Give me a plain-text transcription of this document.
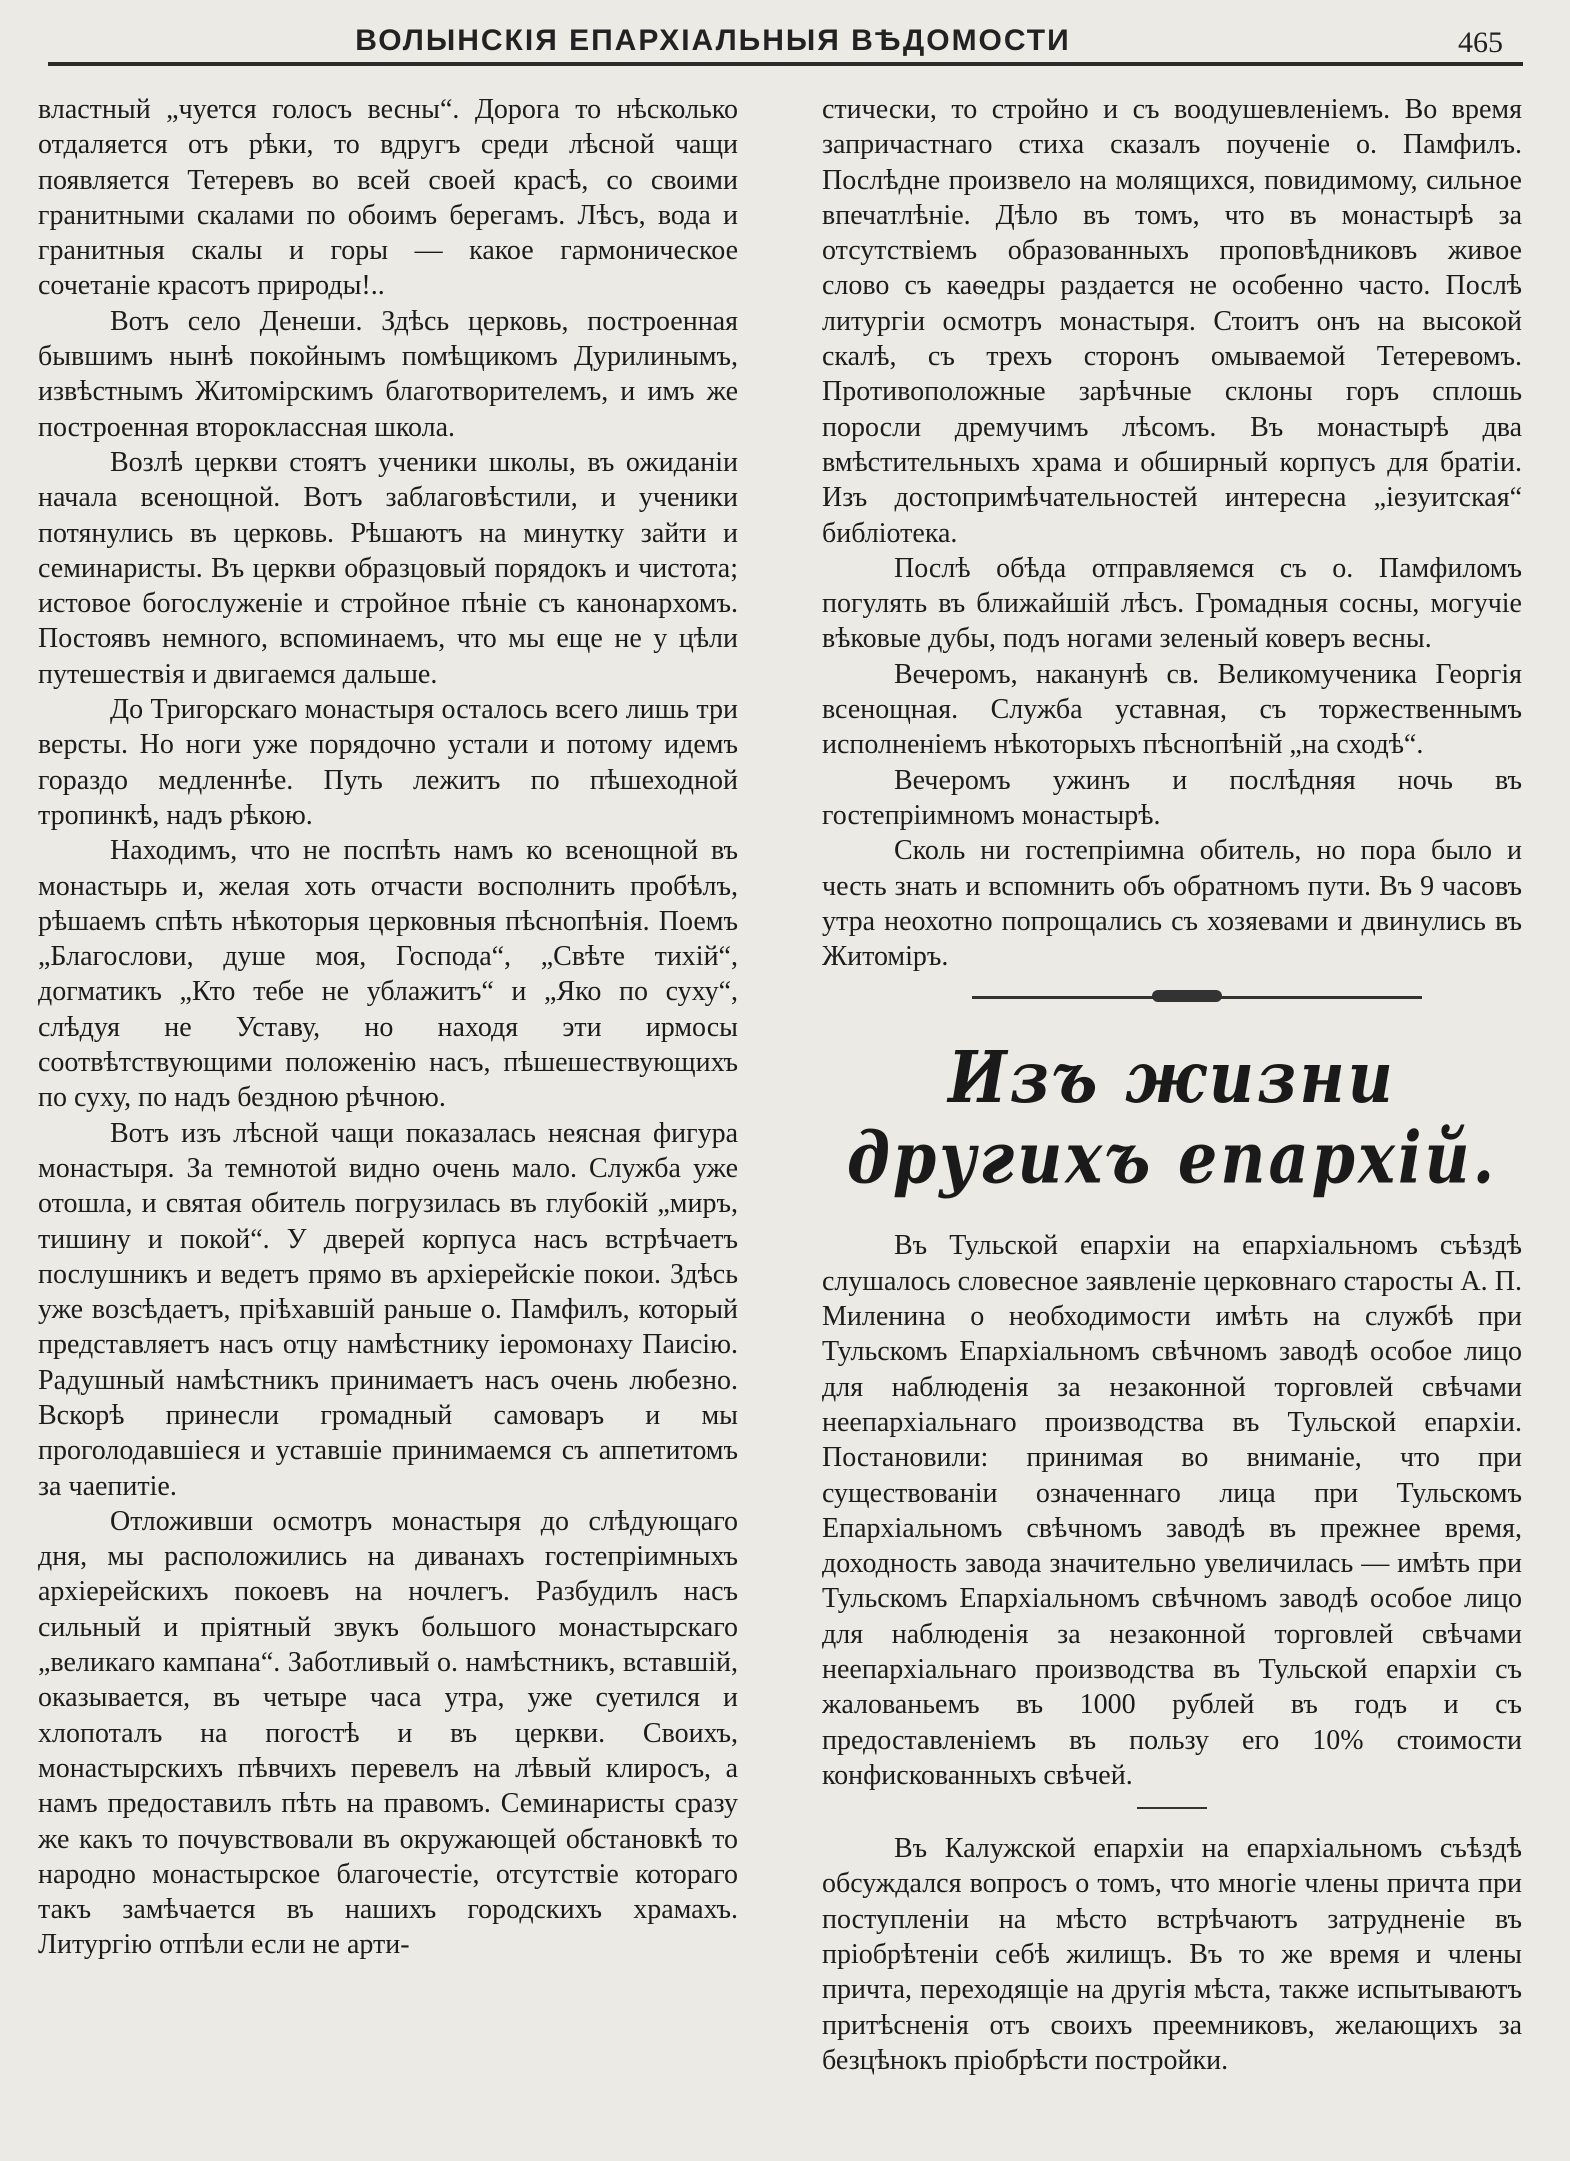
ВОЛЫНСКІЯ ЕПАРХІАЛЬНЫЯ ВѢДОМОСТИ	465

властный „чуется голосъ весны“. Дорога то нѣсколько отдаляется отъ рѣки, то вдругъ среди лѣсной чащи появляется Тетеревъ во всей своей красѣ, со своими гранитными скалами по обоимъ берегамъ. Лѣсъ, вода и гранитныя скалы и горы — какое гармоническое сочетаніе красотъ природы!..

Вотъ село Денеши. Здѣсь церковь, построенная бывшимъ нынѣ покойнымъ помѣщикомъ Дурилинымъ, извѣстнымъ Житомірскимъ благотворителемъ, и имъ же построенная второклассная школа.

Возлѣ церкви стоятъ ученики школы, въ ожиданіи начала всенощной. Вотъ заблаговѣстили, и ученики потянулись въ церковь. Рѣшаютъ на минутку зайти и семинаристы. Въ церкви образцовый порядокъ и чистота; истовое богослуженіе и стройное пѣніе съ канонархомъ. Постоявъ немного, вспоминаемъ, что мы еще не у цѣли путешествія и двигаемся дальше.

До Тригорскаго монастыря осталось всего лишь три версты. Но ноги уже порядочно устали и потому идемъ гораздо медленнѣе. Путь лежитъ по пѣшеходной тропинкѣ, надъ рѣкою.

Находимъ, что не поспѣть намъ ко всенощной въ монастырь и, желая хоть отчасти восполнить пробѣлъ, рѣшаемъ спѣть нѣкоторыя церковныя пѣснопѣнія. Поемъ „Благослови, душе моя, Господа“, „Свѣте тихій“, догматикъ „Кто тебе не ублажитъ“ и „Яко по суху“, слѣдуя не Уставу, но находя эти ирмосы соотвѣтствующими положенію насъ, пѣшешествующихъ по суху, по надъ бездною рѣчною.

Вотъ изъ лѣсной чащи показалась неясная фигура монастыря. За темнотой видно очень мало. Служба уже отошла, и святая обитель погрузилась въ глубокій „миръ, тишину и покой“. У дверей корпуса насъ встрѣчаетъ послушникъ и ведетъ прямо въ архіерейскіе покои. Здѣсь уже возсѣдаетъ, пріѣхавшій раньше о. Памфилъ, который представляетъ насъ отцу намѣстнику іеромонаху Паисію. Радушный намѣстникъ принимаетъ насъ очень любезно. Вскорѣ принесли громадный самоваръ и мы проголодавшіеся и уставшіе принимаемся съ аппетитомъ за чаепитіе.

Отложивши осмотръ монастыря до слѣдующаго дня, мы расположились на диванахъ гостепріимныхъ архіерейскихъ покоевъ на ночлегъ. Разбудилъ насъ сильный и пріятный звукъ большого монастырскаго „великаго кампана“. Заботливый о. намѣстникъ, вставшій, оказывается, въ четыре часа утра, уже суетился и хлопоталъ на погостѣ и въ церкви. Своихъ, монастырскихъ пѣвчихъ перевелъ на лѣвый клиросъ, а намъ предоставилъ пѣть на правомъ. Семинаристы сразу же какъ то почувствовали въ окружающей обстановкѣ то народно монастырское благочестіе, отсутствіе котораго такъ замѣчается въ нашихъ городскихъ храмахъ. Литургію отпѣли если не арти-

стически, то стройно и съ воодушевленіемъ. Во время запричастнаго стиха сказалъ поученіе о. Памфилъ. Послѣдне произвело на молящихся, повидимому, сильное впечатлѣніе. Дѣло въ томъ, что въ монастырѣ за отсутствіемъ образованныхъ проповѣдниковъ живое слово съ каѳедры раздается не особенно часто. Послѣ литургіи осмотръ монастыря. Стоитъ онъ на высокой скалѣ, съ трехъ сторонъ омываемой Тетеревомъ. Противоположные зарѣчные склоны горъ сплошь поросли дремучимъ лѣсомъ. Въ монастырѣ два вмѣстительныхъ храма и обширный корпусъ для братіи. Изъ достопримѣчательностей интересна „іезуитская“ библіотека.

Послѣ обѣда отправляемся съ о. Памфиломъ погулять въ ближайшій лѣсъ. Громадныя сосны, могучіе вѣковые дубы, подъ ногами зеленый коверъ весны.

Вечеромъ, наканунѣ св. Великомученика Георгія всенощная. Служба уставная, съ торжественнымъ исполненіемъ нѣкоторыхъ пѣснопѣній „на сходѣ“.

Вечеромъ ужинъ и послѣдняя ночь въ гостепріимномъ монастырѣ.

Сколь ни гостепріимна обитель, но пора было и честь знать и вспомнить объ обратномъ пути. Въ 9 часовъ утра неохотно попрощались съ хозяевами и двинулись въ Житоміръ.

Изъ жизни другихъ епархій.

Въ Тульской епархіи на епархіальномъ съѣздѣ слушалось словесное заявленіе церковнаго старосты А. П. Миленина о необходимости имѣть на службѣ при Тульскомъ Епархіальномъ свѣчномъ заводѣ особое лицо для наблюденія за незаконной торговлей свѣчами неепархіальнаго производства въ Тульской епархіи. Постановили: принимая во вниманіе, что при существованіи означеннаго лица при Тульскомъ Епархіальномъ свѣчномъ заводѣ въ прежнее время, доходность завода значительно увеличилась — имѣть при Тульскомъ Епархіальномъ свѣчномъ заводѣ особое лицо для наблюденія за незаконной торговлей свѣчами неепархіальнаго производства въ Тульской епархіи съ жалованьемъ въ 1000 рублей въ годъ и съ предоставленіемъ въ пользу его 10% стоимости конфискованныхъ свѣчей.

Въ Калужской епархіи на епархіальномъ съѣздѣ обсуждался вопросъ о томъ, что многіе члены причта при поступленіи на мѣсто встрѣчаютъ затрудненіе въ пріобрѣтеніи себѣ жилищъ. Въ то же время и члены причта, переходящіе на другія мѣста, также испытываютъ притѣсненія отъ своихъ преемниковъ, желающихъ за безцѣнокъ пріобрѣсти постройки.
